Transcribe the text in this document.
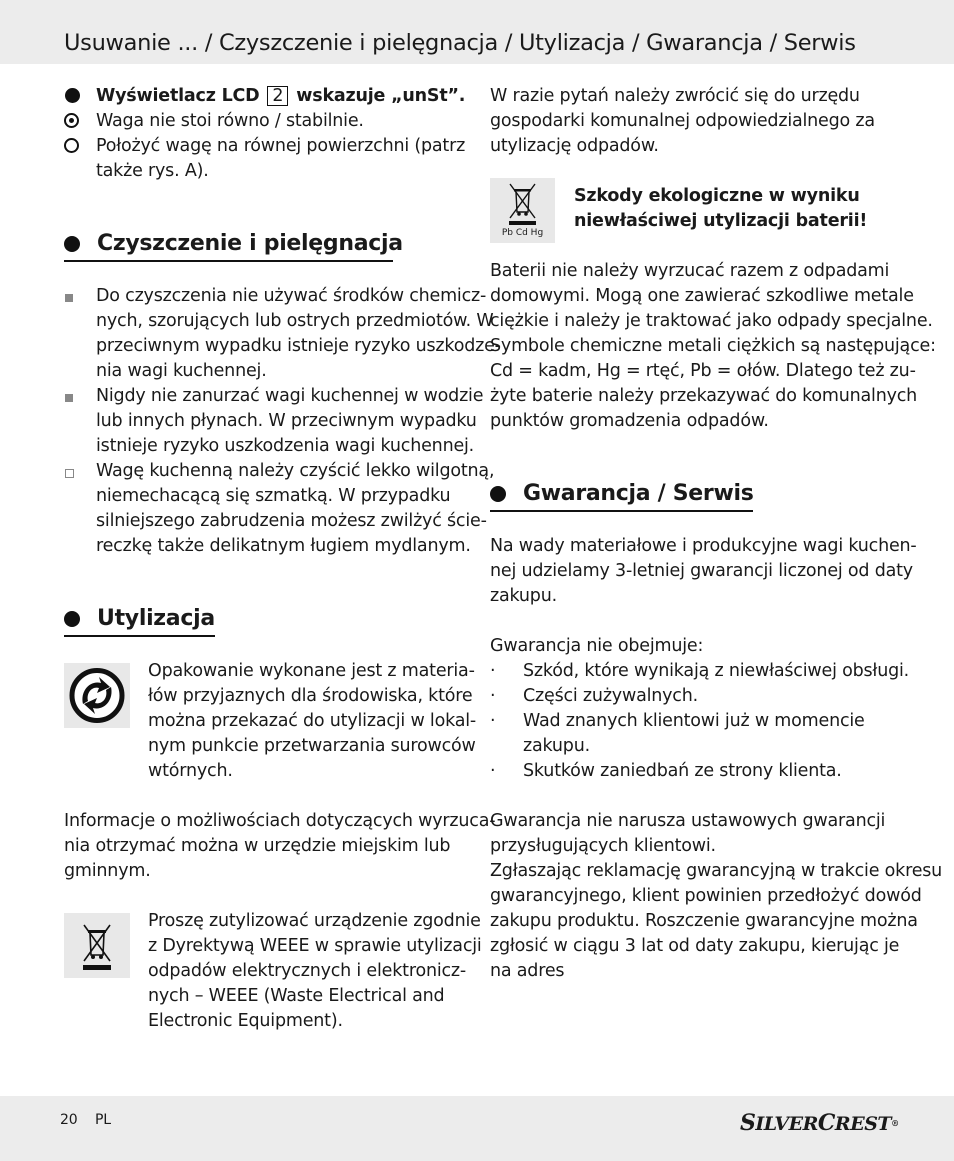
Usuwanie ... / Czyszczenie i pielęgnacja / Utylizacja / Gwarancja / Serwis
Wyświetlacz LCD 2 wskazuje „unSt”.
Waga nie stoi równo / stabilnie.
Położyć wagę na równej powierzchni (patrz
także rys. A).
Czyszczenie i pielęgnacja
Do czyszczenia nie używać środków chemicz-
nych, szorujących lub ostrych przedmiotów. W
przeciwnym wypadku istnieje ryzyko uszkodze-
nia wagi kuchennej.
Nigdy nie zanurzać wagi kuchennej w wodzie
lub innych płynach. W przeciwnym wypadku
istnieje ryzyko uszkodzenia wagi kuchennej.
Wagę kuchenną należy czyścić lekko wilgotną,
niemechacącą się szmatką. W przypadku
silniejszego zabrudzenia możesz zwilżyć ście-
reczkę także delikatnym ługiem mydlanym.
Utylizacja
Opakowanie wykonane jest z materia-
łów przyjaznych dla środowiska, które
można przekazać do utylizacji w lokal-
nym punkcie przetwarzania surowców
wtórnych.
Informacje o możliwościach dotyczących wyrzuca-
nia otrzymać można w urzędzie miejskim lub
gminnym.
Proszę zutylizować urządzenie zgodnie
z Dyrektywą WEEE w sprawie utylizacji
odpadów elektrycznych i elektronicz-
nych – WEEE (Waste Electrical and
Electronic Equipment).
W razie pytań należy zwrócić się do urzędu
gospodarki komunalnej odpowiedzialnego za
utylizację odpadów.
Pb Cd Hg
Szkody ekologiczne w wyniku
niewłaściwej utylizacji baterii!
Baterii nie należy wyrzucać razem z odpadami
domowymi. Mogą one zawierać szkodliwe metale
ciężkie i należy je traktować jako odpady specjalne.
Symbole chemiczne metali ciężkich są następujące:
Cd = kadm, Hg = rtęć, Pb = ołów. Dlatego też zu-
żyte baterie należy przekazywać do komunalnych
punktów gromadzenia odpadów.
Gwarancja / Serwis
Na wady materiałowe i produkcyjne wagi kuchen-
nej udzielamy 3-letniej gwarancji liczonej od daty
zakupu.
Gwarancja nie obejmuje:
· Szkód, które wynikają z niewłaściwej obsługi.
· Części zużywalnych.
· Wad znanych klientowi już w momencie
zakupu.
· Skutków zaniedbań ze strony klienta.
Gwarancja nie narusza ustawowych gwarancji
przysługujących klientowi.
Zgłaszając reklamację gwarancyjną w trakcie okresu
gwarancyjnego, klient powinien przedłożyć dowód
zakupu produktu. Roszczenie gwarancyjne można
zgłosić w ciągu 3 lat od daty zakupu, kierując je
na adres
20 PL	SILVERCREST®
